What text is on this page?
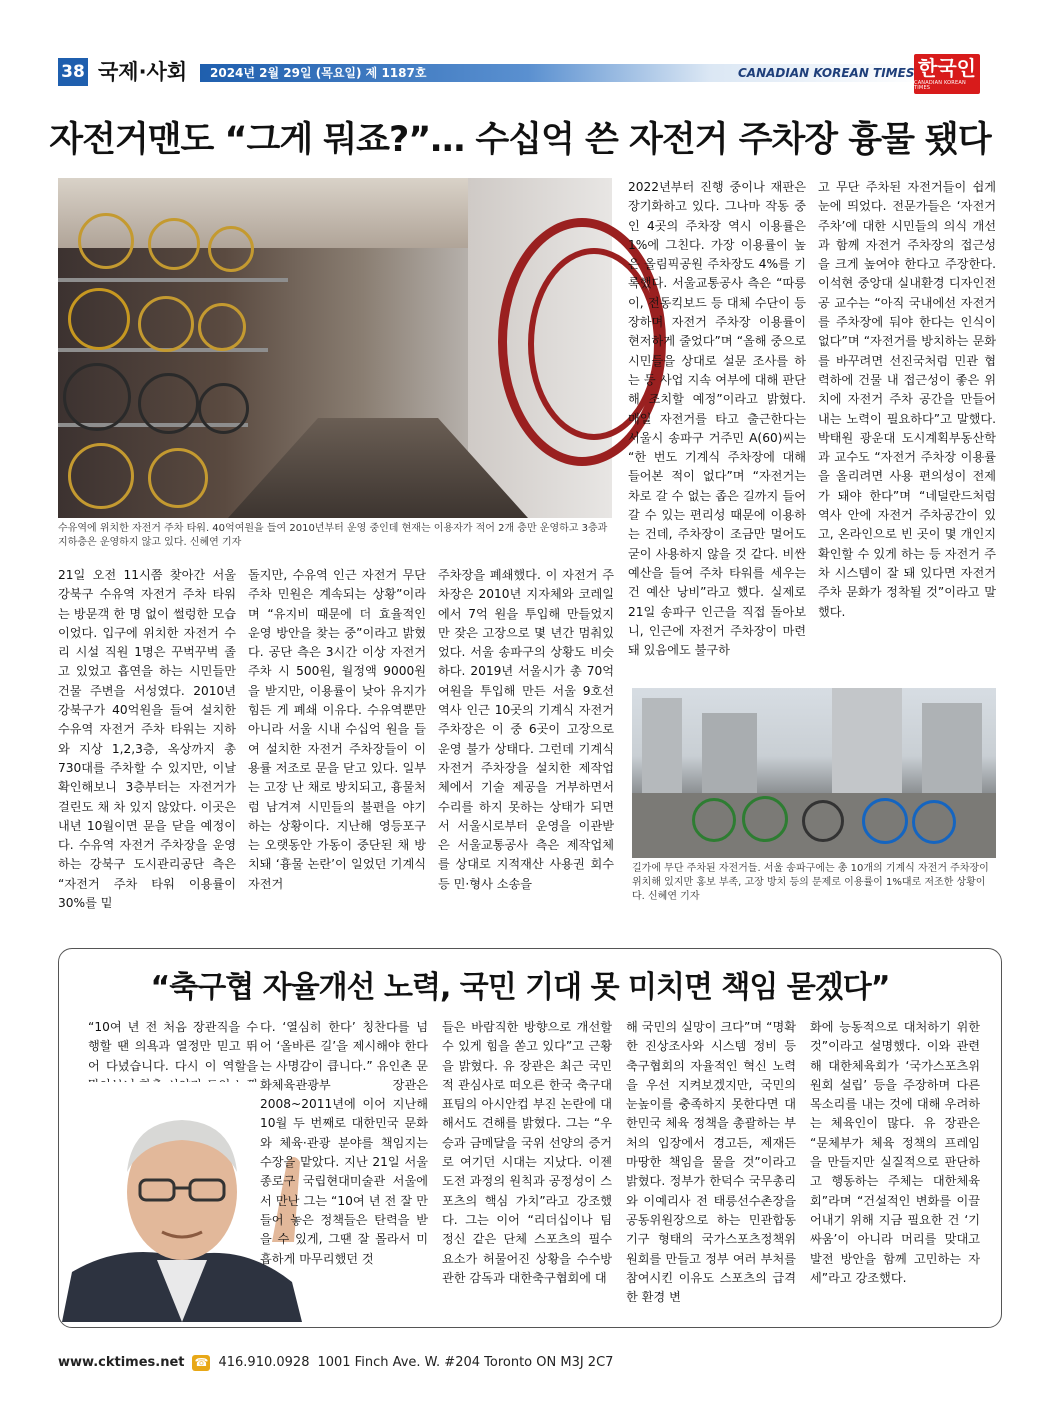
38 국제·사회 2024년 2월 29일 (목요일) 제 1187호	CANADIAN KOREAN TIMES 한국인
CANADIAN KOREAN TIMES
자전거맨도 “그게 뭐죠?”… 수십억 쓴 자전거 주차장 흉물 됐다
수유역에 위치한 자전거 주차 타워. 40억여원을 들여 2010년부터 운영 중인데 현재는 이용자가 적어 2개 층만 운영하고 3층과 지하층은 운영하지 않고 있다. 신혜연 기자
21일 오전 11시쯤 찾아간 서울 강북구 수유역 자전거 주차 타워는 방문객 한 명 없이 썰렁한 모습이었다. 입구에 위치한 자전거 수리 시설 직원 1명은 꾸벅꾸벅 졸고 있었고 흡연을 하는 시민들만 건물 주변을 서성였다. 2010년 강북구가 40억원을 들여 설치한 수유역 자전거 주차 타워는 지하와 지상 1,2,3층, 옥상까지 총 730대를 주차할 수 있지만, 이날 확인해보니 3층부터는 자전거가 걸린도 채 차 있지 않았다. 이곳은 내년 10월이면 문을 닫을 예정이다. 수유역 자전거 주차장을 운영하는 강북구 도시관리공단 측은 “자전거 주차 타워 이용률이 30%를 밑
돌지만, 수유역 인근 자전거 무단 주차 민원은 계속되는 상황”이라며 “유지비 때문에 더 효율적인 운영 방안을 찾는 중”이라고 밝혔다. 공단 측은 3시간 이상 자전거 주차 시 500원, 월정액 9000원을 받지만, 이용률이 낮아 유지가 힘든 게 폐쇄 이유다. 수유역뿐만 아니라 서울 시내 수십억 원을 들여 설치한 자전거 주차장들이 이용률 저조로 문을 닫고 있다. 일부는 고장 난 채로 방치되고, 흉물처럼 남겨져 시민들의 불편을 야기하는 상황이다. 지난해 영등포구는 오랫동안 가동이 중단된 채 방치돼 ‘흉물 논란’이 일었던 기계식 자전거
주차장을 폐쇄했다. 이 자전거 주차장은 2010년 지자체와 코레일에서 7억 원을 투입해 만들었지만 잦은 고장으로 몇 년간 멈춰있었다. 서울 송파구의 상황도 비슷하다. 2019년 서울시가 총 70억여원을 투입해 만든 서울 9호선 역사 인근 10곳의 기계식 자전거 주차장은 이 중 6곳이 고장으로 운영 불가 상태다. 그런데 기계식 자전거 주차장을 설치한 제작업체에서 기술 제공을 거부하면서 수리를 하지 못하는 상태가 되면서 서울시로부터 운영을 이관받은 서울교통공사 측은 제작업체를 상대로 지적재산 사용권 회수 등 민·형사 소송을
2022년부터 진행 중이나 재판은 장기화하고 있다. 그나마 작동 중인 4곳의 주차장 역시 이용률은 1%에 그친다. 가장 이용률이 높은 올림픽공원 주차장도 4%를 기록했다. 서울교통공사 측은 “따릉이, 전동킥보드 등 대체 수단이 등장하며 자전거 주차장 이용률이 현저하게 줄었다”며 “올해 중으로 시민들을 상대로 설문 조사를 하는 등 사업 지속 여부에 대해 판단해 조치할 예정”이라고 밝혔다. 매일 자전거를 타고 출근한다는 서울시 송파구 거주민 A(60)씨는 “한 번도 기계식 주차장에 대해 들어본 적이 없다”며 “자전거는 차로 갈 수 없는 좁은 길까지 들어갈 수 있는 편리성 때문에 이용하는 건데, 주차장이 조금만 멀어도 굳이 사용하지 않을 것 같다. 비싼 예산을 들여 주차 타워를 세우는 건 예산 낭비”라고 했다. 실제로 21일 송파구 인근을 직접 돌아보니, 인근에 자전거 주차장이 마련돼 있음에도 불구하
고 무단 주차된 자전거들이 쉽게 눈에 띄었다. 전문가들은 ‘자전거 주차’에 대한 시민들의 의식 개선과 함께 자전거 주차장의 접근성을 크게 높여야 한다고 주장한다. 이석현 중앙대 실내환경 디자인전공 교수는 “아직 국내에선 자전거를 주차장에 둬야 한다는 인식이 없다”며 “자전거를 방치하는 문화를 바꾸려면 선진국처럼 민관 협력하에 건물 내 접근성이 좋은 위치에 자전거 주차 공간을 만들어내는 노력이 필요하다”고 말했다. 박태원 광운대 도시계획부동산학과 교수도 “자전거 주차장 이용률을 올리려면 사용 편의성이 전제가 돼야 한다”며 “네덜란드처럼 역사 안에 자전거 주차공간이 있고, 온라인으로 빈 곳이 몇 개인지 확인할 수 있게 하는 등 자전거 주차 시스템이 잘 돼 있다면 자전거 주차 문화가 정착될 것”이라고 말했다.
길가에 무단 주차된 자전거들. 서울 송파구에는 총 10개의 기계식 자전거 주차장이 위치해 있지만 홍보 부족, 고장 방치 등의 문제로 이용률이 1%대로 저조한 상황이다. 신혜연 기자
“축구협 자율개선 노력, 국민 기대 못 미치면 책임 묻겠다”
“10여 년 전 처음 장관직을 수행할 땐 의욕과 열정만 믿고 뛰어 다녔습니다. 다시 이 역할을
다. ‘열심히 한다’ 칭찬다를 넘어 ‘올바른 길’을 제시해야 한다는 사명감이 큽니다.” 유인촌 문화체육관광부 장관은 2008~2011년에 이어 지난해 10월 두 번째로 대한민국 문화와 체육·관광 분야를 책임지는 수장을 맡았다. 지난 21일 서울 종로구 국립현대미술관 서울에서 만난 그는 “10여 년 전 잘 만들어 놓은 정책들은 탄력을 받을 수 있게, 그땐 잘 몰라서 미흡하게 마무리했던 것
들은 바람직한 방향으로 개선할 수 있게 힘을 쏟고 있다”고 근황을 밝혔다. 유 장관은 최근 국민적 관심사로 떠오른 한국 축구대표팀의 아시안컵 부진 논란에 대해서도 견해를 밝혔다. 그는 “우승과 금메달을 국위 선양의 증거로 여기던 시대는 지났다. 이젠 도전 과정의 원칙과 공정성이 스포츠의 핵심 가치”라고 강조했다. 그는 이어 “리더십이나 팀 정신 같은 단체 스포츠의 필수 요소가 허물어진 상황을 수수방관한 감독과 대한축구협회에 대
해 국민의 실망이 크다”며 “명확한 진상조사와 시스템 정비 등 축구협회의 자율적인 혁신 노력을 우선 지켜보겠지만, 국민의 눈높이를 충족하지 못한다면 대한민국 체육 정책을 총괄하는 부처의 입장에서 경고든, 제재든 마땅한 책임을 물을 것”이라고 밝혔다. 정부가 한덕수 국무총리와 이예리사 전 태릉선수촌장을 공동위원장으로 하는 민관합동기구 형태의 국가스포츠정책위원회를 만들고 정부 여러 부처를 참여시킨 이유도 스포츠의 급격한 환경 변
화에 능동적으로 대처하기 위한 것”이라고 설명했다. 이와 관련해 대한체육회가 ‘국가스포츠위원회 설립’ 등을 주장하며 다른 목소리를 내는 것에 대해 우려하는 체육인이 많다. 유 장관은 “문체부가 체육 정책의 프레임을 만들지만 실질적으로 판단하고 행동하는 주체는 대한체육회”라며 “건설적인 변화를 이끌어내기 위해 지금 필요한 건 ‘기 싸움’이 아니라 머리를 맞대고 발전 방안을 함께 고민하는 자세”라고 강조했다.
www.cktimes.net ☎ 416.910.0928 1001 Finch Ave. W. #204 Toronto ON M3J 2C7
